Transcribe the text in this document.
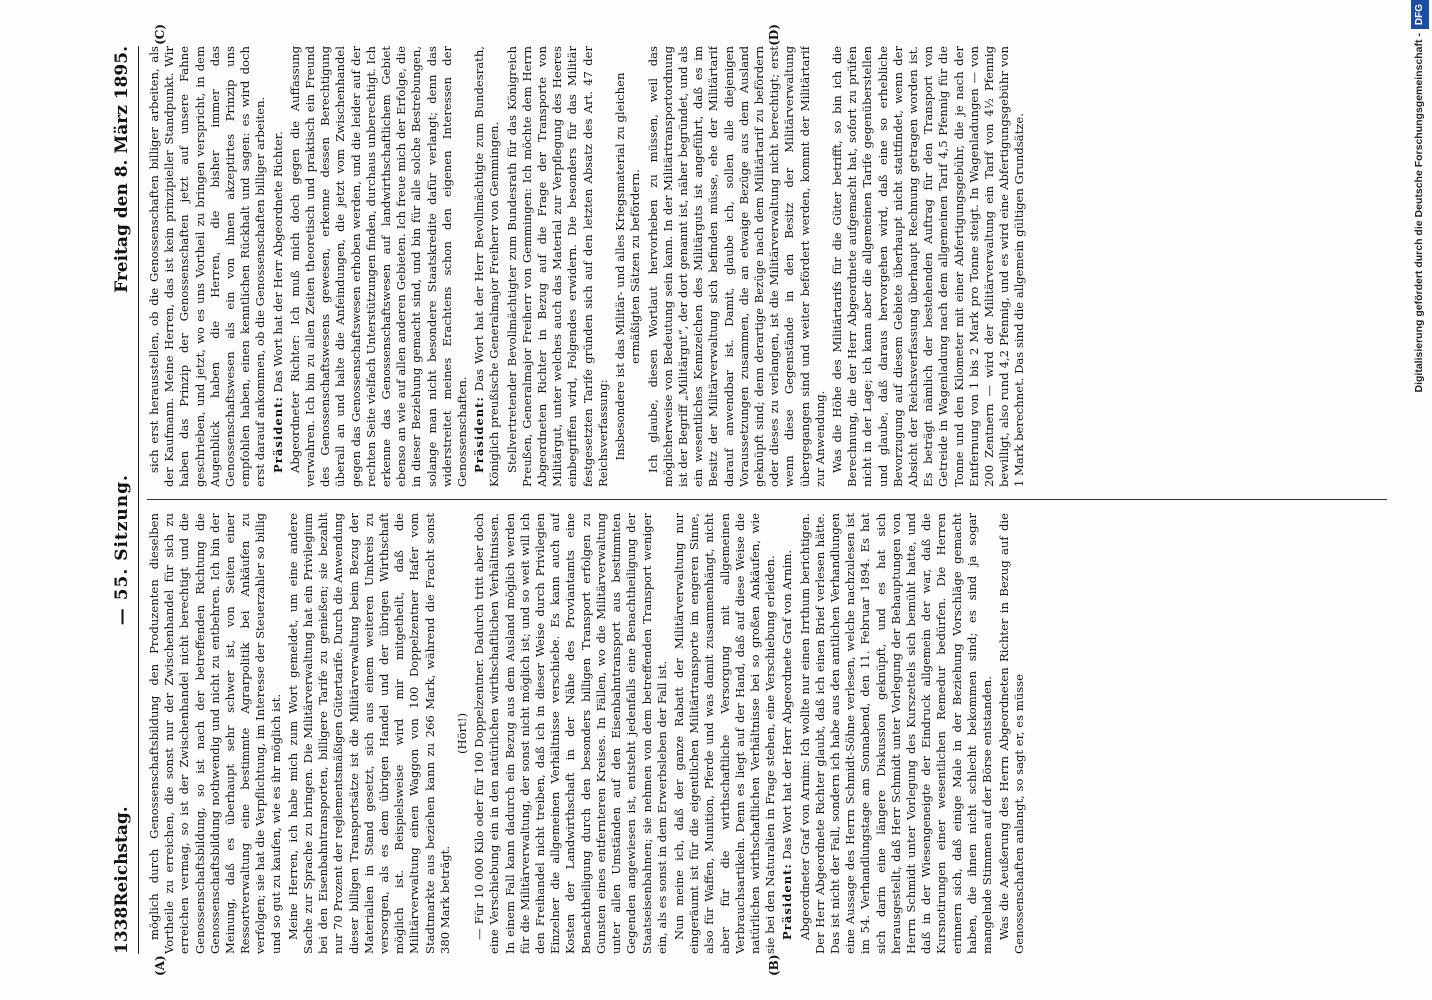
1338
Reichstag.
— 55. Sitzung.
Freitag den 8. März 1895.
(A)	(B)
(C)	(D)

möglich durch Genossenschaftsbildung den Produzenten dieselben Vortheile zu erreichen, die sonst nur der Zwischenhandel für sich zu erreichen vermag, so ist der Zwischenhandel nicht berechtigt und die Genossenschaftsbildung, so ist nach der betreffenden Richtung die Genossenschaftsbildung nothwendig und nicht zu entbehren. Ich bin der Meinung, daß es überhaupt sehr schwer ist, von Seiten einer Ressortverwaltung eine bestimmte Agrarpolitik bei Ankäufen zu verfolgen; sie hat die Verpflichtung, im Interesse der Steuerzahler so billig und so gut zu kaufen, wie es ihr möglich ist. Meine Herren, ich habe mich zum Wort gemeldet, um eine andere Sache zur Sprache zu bringen. Die Militärverwaltung hat ein Privilegium bei den Eisenbahntransporten, billigere Tarife zu genießen; sie bezahlt nur 70 Prozent der reglementsmäßigen Gütertarife. Durch die Anwendung dieser billigen Transportsätze ist die Militärverwaltung beim Bezug der Materialien in Stand gesetzt, sich aus einem weiteren Umkreis zu versorgen, als es dem übrigen Handel und der übrigen Wirthschaft möglich ist. Beispielsweise wird mir mitgetheilt, daß die Militärverwaltung einen Waggon von 100 Doppelzentner Hafer vom Stadtmarkte aus beziehen kann zu 266 Mark, während die Fracht sonst 380 Mark beträgt.

(Hört!) — Für 10 000 Kilo oder für 100 Doppelzentner. Dadurch tritt aber doch eine Verschiebung ein in den natürlichen wirthschaftlichen Verhältnissen. In einem Fall kann dadurch ein Bezug aus dem Ausland möglich werden für die Militärverwaltung, der sonst nicht möglich ist; und so weit will ich den Freihandel nicht treiben, daß ich in dieser Weise durch Privilegien Einzelner die allgemeinen Verhältnisse verschiebe. Es kann auch auf Kosten der Landwirthschaft in der Nähe des Proviantamts eine Benachtheiligung durch den besonders billigen Transport erfolgen zu Gunsten eines entfernteren Kreises. In Fällen, wo die Militärverwaltung unter allen Umständen auf den Eisenbahntransport aus bestimmten Gegenden angewiesen ist, entsteht jedenfalls eine Benachtheiligung der Staatseisenbahnen; sie nehmen von dem betreffenden Transport weniger ein, als es sonst in dem Erwerbsleben der Fall ist. Nun meine ich, daß der ganze Rabatt der Militärverwaltung nur eingeräumt ist für die eigentlichen Militärtransporte im engeren Sinne, also für Waffen, Munition, Pferde und was damit zusammenhängt, nicht aber für die wirthschaftliche Versorgung mit allgemeinen Verbrauchsartikeln. Denn es liegt auf der Hand, daß auf diese Weise die natürlichen wirthschaftlichen Verhältnisse bei so großen Ankäufen, wie sie bei den Naturalien in Frage stehen, eine Verschiebung erleiden. Präsident: Das Wort hat der Herr Abgeordnete Graf von Arnim. Abgeordneter Graf von Arnim: Ich wollte nur einen Irrthum berichtigen. Der Herr Abgeordnete Richter glaubt, daß ich einen Brief verlesen hätte. Das ist nicht der Fall, sondern ich habe aus den amtlichen Verhandlungen eine Aussage des Herrn Schmidt-Söhne verlesen, welche nachzulesen ist im 54. Verhandlungstage am Sonnabend, den 11. Februar 1894. Es hat sich darin eine längere Diskussion geknüpft, und es hat sich herausgestellt, daß Herr Schmidt unter Vorlegung der Behauptungen von Herrn Schmidt unter Vorlegung des Kurszettels sich bemüht hatte, und daß in der Wiesengeneigte der Eindruck allgemein der war, daß die Kursnotirungen einer wesentlichen Remedur bedürfen. Die Herren erinnern sich, daß einige Male in der Beziehung Vorschläge gemacht haben, die ihnen nicht schlecht bekommen sind; es sind ja sogar mangelnde Stimmen auf der Börse entstanden. Was die Aeußerung des Herrn Abgeordneten Richter in Bezug auf die Genossenschaften anlangt, so sagt er, es müsse

sich erst herausstellen, ob die Genossenschaften billiger arbeiten, als der Kaufmann. Meine Herren, das ist kein prinzipieller Standpunkt. Wir haben das Prinzip der Genossenschaften jetzt auf unsere Fahne geschrieben, und jetzt, wo es uns Vortheil zu bringen verspricht, in dem Augenblick haben die Herren, die bisher immer das Genossenschaftswesen als ein von ihnen akzeptirtes Prinzip uns empfohlen haben, einen kenntlichen Rückhalt und sagen: es wird doch erst darauf ankommen, ob die Genossenschaften billiger arbeiten. Präsident: Das Wort hat der Herr Abgeordnete Richter. Abgeordneter Richter: Ich muß mich doch gegen die Auffassung verwahren. Ich bin zu allen Zeiten theoretisch und praktisch ein Freund des Genossenschaftswesens gewesen, erkenne dessen Berechtigung überall an und halte die Anfeindungen, die jetzt vom Zwischenhandel gegen das Genossenschaftswesen erhoben werden, und die leider auf der rechten Seite vielfach Unterstützungen finden, durchaus unberechtigt. Ich erkenne das Genossenschaftswesen auf landwirthschaftlichem Gebiet ebenso an wie auf allen anderen Gebieten. Ich freue mich der Erfolge, die in dieser Beziehung gemacht sind, und bin für alle solche Bestrebungen, solange man nicht besondere Staatskredite dafür verlangt; denn das widerstreitet meines Erachtens schon den eigenen Interessen der Genossenschaften. Präsident: Das Wort hat der Herr Bevollmächtigte zum Bundesrath, Königlich preußische Generalmajor Freiherr von Gemmingen. Stellvertretender Bevollmächtigter zum Bundesrath für das Königreich Preußen, Generalmajor Freiherr von Gemmingen: Ich möchte dem Herrn Abgeordneten Richter in Bezug auf die Frage der Transporte von Militärgut, unter welches auch das Material zur Verpflegung des Heeres einbegriffen wird, Folgendes erwidern. Die besonders für das Militär festgesetzten Tarife gründen sich auf den letzten Absatz des Art. 47 der Reichsverfassung: Insbesondere ist das Militär- und alles Kriegsmaterial zu gleichen ermäßigten Sätzen zu befördern. Ich glaube, diesen Wortlaut hervorheben zu müssen, weil das möglicherweise von Bedeutung sein kann. In der Militärtransportordnung ist der Begriff „Militärgut“, der dort genannt ist, näher begründet, und als ein wesentliches Kennzeichen des Militärguts ist angeführt, daß es im Besitz der Militärverwaltung sich befinden müsse, ehe der Militärtarif darauf anwendbar ist. Damit, glaube ich, sollen alle diejenigen Voraussetzungen zusammen, die an etwaige Bezüge aus dem Ausland geknüpft sind; denn derartige Bezüge nach dem Militärtarif zu befördern oder dieses zu verlangen, ist die Militärverwaltung nicht berechtigt; erst wenn diese Gegenstände in den Besitz der Militärverwaltung übergegangen sind und weiter befördert werden, kommt der Militärtarif zur Anwendung. Was die Höhe des Militärtarifs für die Güter betrifft, so bin ich die Berechnung, die der Herr Abgeordnete aufgemacht hat, sofort zu prüfen nicht in der Lage; ich kann aber die allgemeinen Tarife gegenüberstellen und glaube, daß daraus hervorgehen wird, daß eine so erhebliche Bevorzugung auf diesem Gebiete überhaupt nicht stattfindet, wenn der Absicht der Reichsverfassung überhaupt Rechnung getragen worden ist. Es beträgt nämlich der bestehenden Auftrag für den Transport von Getreide in Wagenladung nach dem allgemeinen Tarif 4,5 Pfennig für die Tonne und den Kilometer mit einer Abfertigungsgebühr, die je nach der Entfernung von 1 bis 2 Mark pro Tonne steigt. In Wagenladungen — von 200 Zentnern — wird der Militärverwaltung ein Tarif von 4½ Pfennig bewilligt, also rund 4,2 Pfennig, und es wird eine Abfertigungsgebühr von 1 Mark berechnet. Das sind die allgemein gültigen Grundsätze.	Digitalisierung gefördert durch die Deutsche Forschungsgemeinschaft -DFG
